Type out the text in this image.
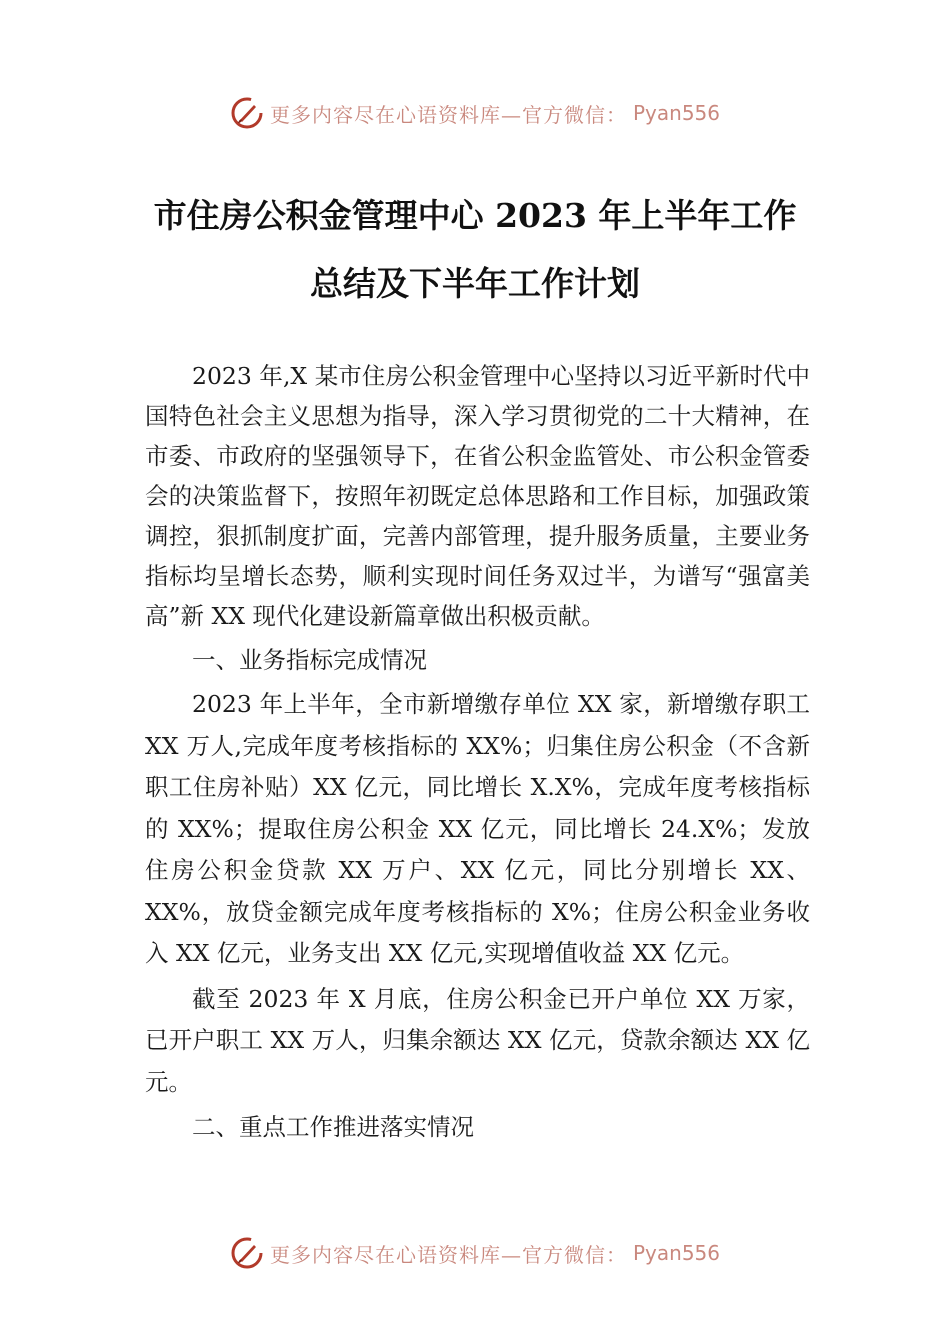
更多内容尽在心语资料库—官方微信： Pyan556
市住房公积金管理中心 2023 年上半年工作
总结及下半年工作计划

2023 年,X 某市住房公积金管理中心坚持以习近平新时代中国特色社会主义思想为指导，深入学习贯彻党的二十大精神，在市委、市政府的坚强领导下，在省公积金监管处、市公积金管委会的决策监督下，按照年初既定总体思路和工作目标，加强政策调控，狠抓制度扩面，完善内部管理，提升服务质量，主要业务指标均呈增长态势，顺利实现时间任务双过半，为谱写“强富美高”新 XX 现代化建设新篇章做出积极贡献。

一、业务指标完成情况

2023 年上半年，全市新增缴存单位 XX 家，新增缴存职工 XX 万人,完成年度考核指标的 XX%；归集住房公积金（不含新职工住房补贴）XX 亿元，同比增长 X.X%，完成年度考核指标的 XX%；提取住房公积金 XX 亿元，同比增长 24.X%；发放住房公积金贷款 XX 万户、XX 亿元，同比分别增长 XX、XX%，放贷金额完成年度考核指标的 X%；住房公积金业务收入 XX 亿元，业务支出 XX 亿元,实现增值收益 XX 亿元。

截至 2023 年 X 月底，住房公积金已开户单位 XX 万家，已开户职工 XX 万人，归集余额达 XX 亿元，贷款余额达 XX 亿元。

二、重点工作推进落实情况

更多内容尽在心语资料库—官方微信： Pyan556
